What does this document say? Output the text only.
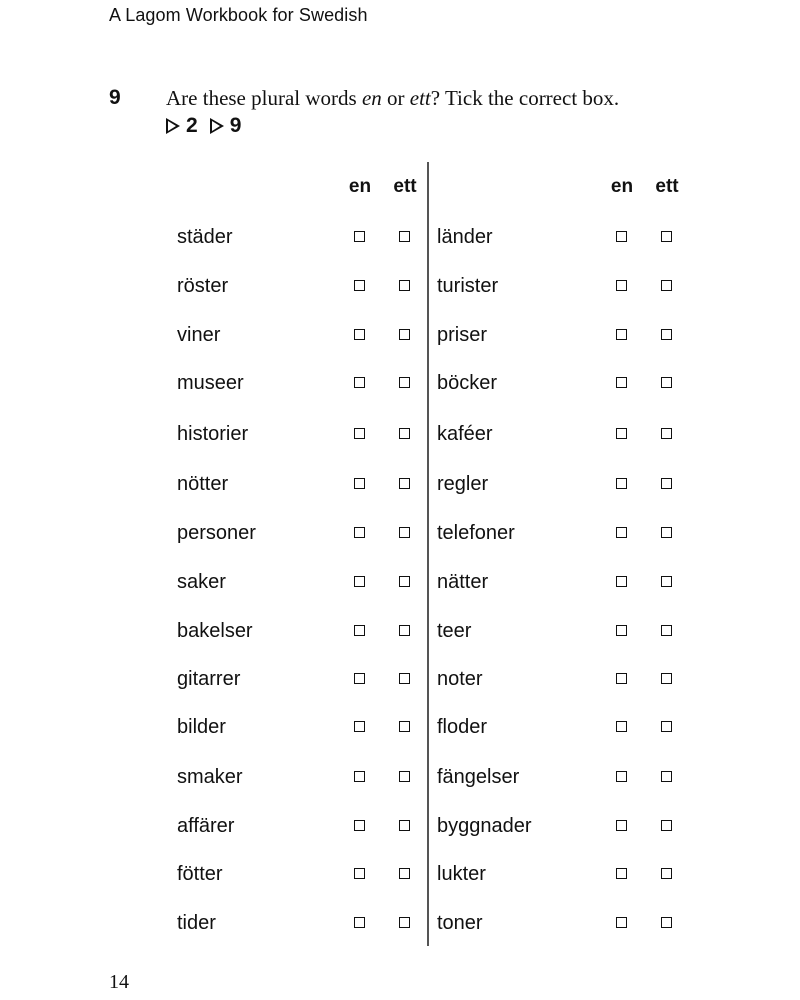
A Lagom Workbook for Swedish
9 Are these plural words en or ett? Tick the correct box.
2 9
en ett	en ett
städer
röster
viner
museer
historier
nötter
personer
saker
bakelser
gitarrer
bilder
smaker
affärer
fötter
tider
länder
turister
priser
böcker
kaféer
regler
telefoner
nätter
teer
noter
floder
fängelser
byggnader
lukter
toner
14
